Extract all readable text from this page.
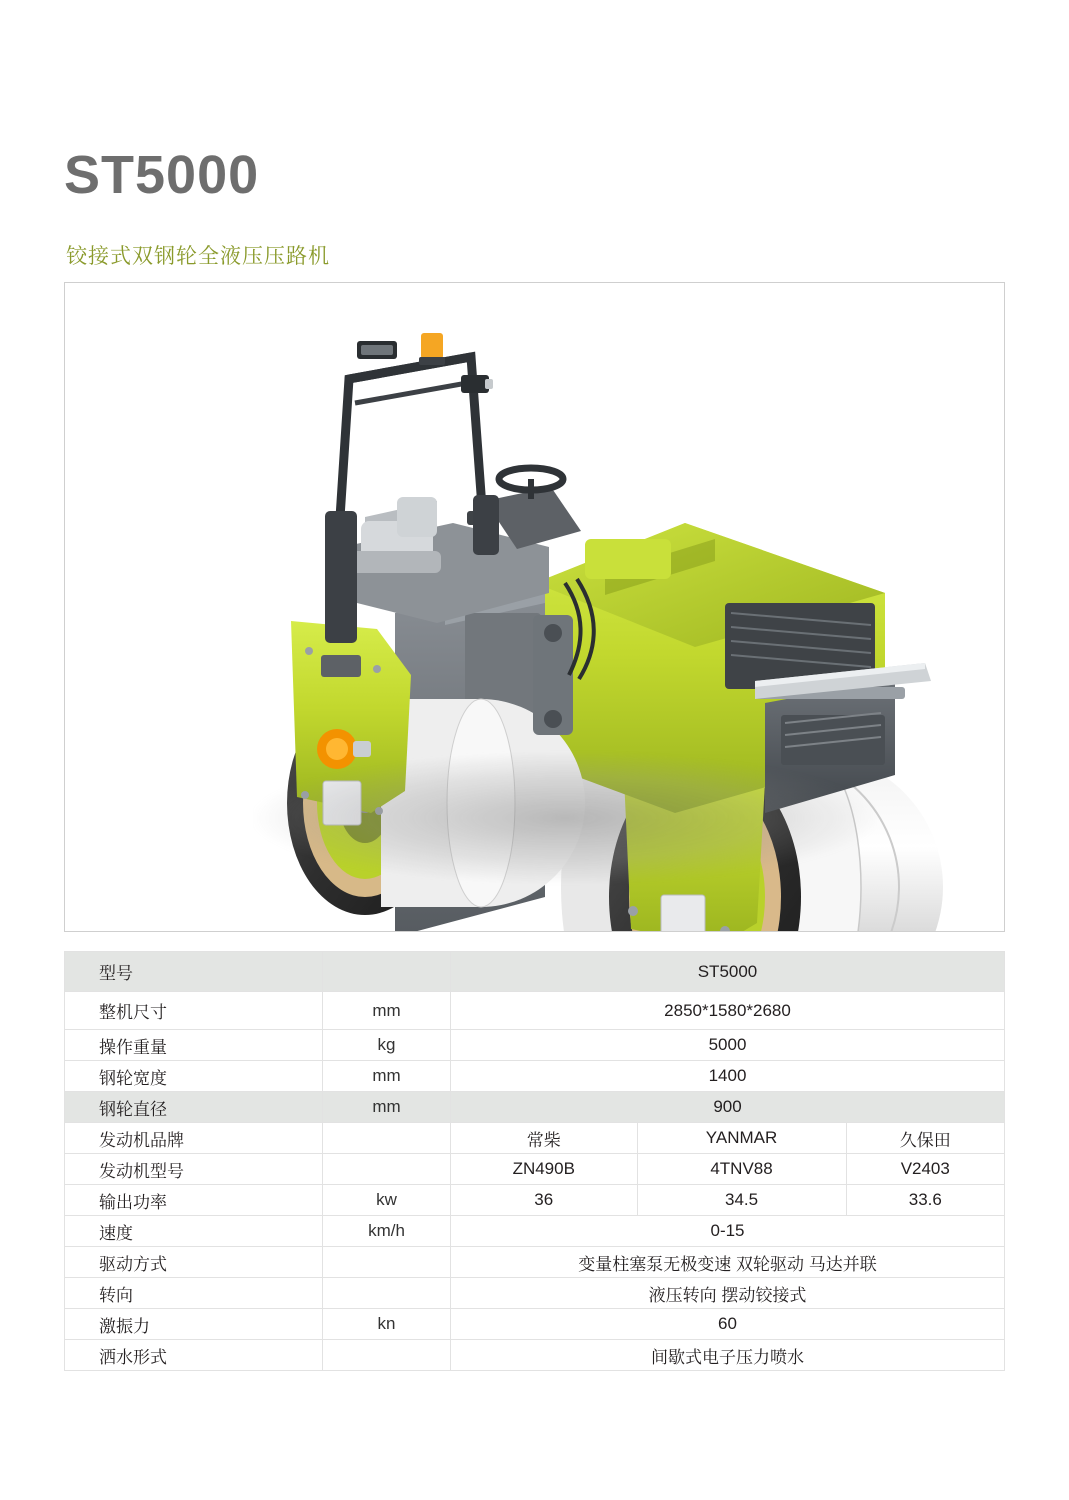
ST5000
铰接式双钢轮全液压压路机
型号		ST5000		
整机尺寸	mm	2850*1580*2680		
操作重量	kg	5000		
钢轮宽度	mm	1400		
钢轮直径	mm	900		
发动机品牌		常柴	YANMAR	久保田
发动机型号		ZN490B	4TNV88	V2403
输出功率	kw	36	34.5	33.6
速度	km/h	0-15		
驱动方式		变量柱塞泵无极变速 双轮驱动 马达并联		
转向		液压转向 摆动铰接式		
激振力	kn	60		
洒水形式		间歇式电子压力喷水		
